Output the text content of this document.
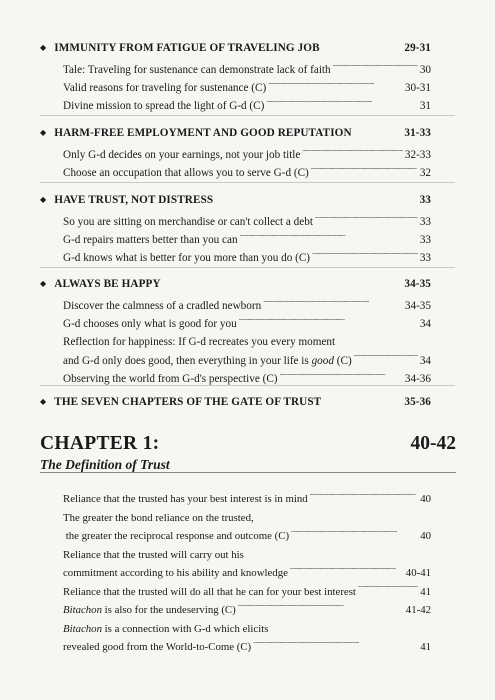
◆ IMMUNITY FROM FATIGUE OF TRAVELING JOB	29-31
Tale: Traveling for sustenance can demonstrate lack of faith . . .	30
Valid reasons for traveling for sustenance (C) . . .	30-31
Divine mission to spread the light of G-d (C) . . .	31
◆ HARM-FREE EMPLOYMENT AND GOOD REPUTATION	31-33
Only G-d decides on your earnings, not your job title . . .	32-33
Choose an occupation that allows you to serve G-d (C) . . .	32
◆ HAVE TRUST, NOT DISTRESS	33
So you are sitting on merchandise or can't collect a debt . . .	33
G-d repairs matters better than you can . . .	33
G-d knows what is better for you more than you do (C) . . .	33
◆ ALWAYS BE HAPPY	34-35
Discover the calmness of a cradled newborn . . .	34-35
G-d chooses only what is good for you . . .	34
Reflection for happiness: If G-d recreates you every moment
and G-d only does good, then everything in your life is good (C) . . .	34
Observing the world from G-d's perspective (C) . . .	34-36
◆ THE SEVEN CHAPTERS OF THE GATE OF TRUST	35-36
CHAPTER 1:	40-42
The Definition of Trust
Reliance that the trusted has your best interest is in mind . . .	40
The greater the bond reliance on the trusted,
the greater the reciprocal response and outcome (C) . . .	40
Reliance that the trusted will carry out his
commitment according to his ability and knowledge . . .	40-41
Reliance that the trusted will do all that he can for your best interest . . .	41
Bitachon is also for the undeserving (C) . . .	41-42
Bitachon is a connection with G-d which elicits
revealed good from the World-to-Come (C) . . .	41
